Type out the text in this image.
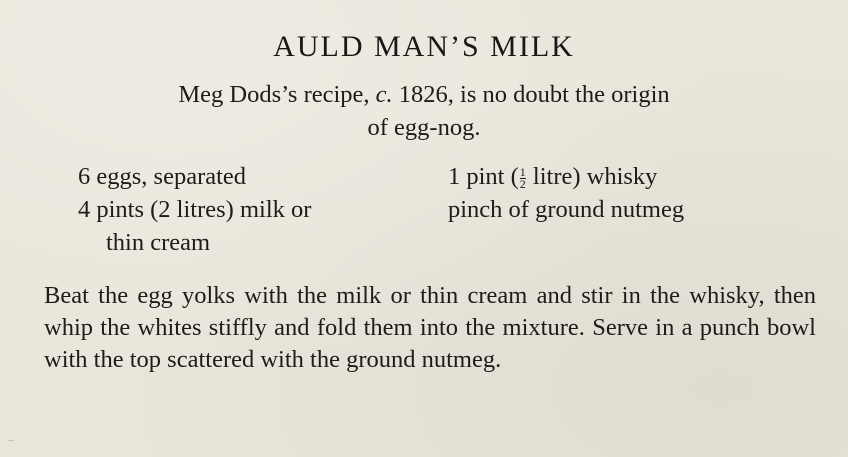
AULD MAN’S MILK
Meg Dods’s recipe, c. 1826, is no doubt the origin
of egg-nog.

6 eggs, separated

4 pints (2 litres) milk or
thin cream

1 pint ( $\frac{1}{2}$ litre) whisky

pinch of ground nutmeg

Beat the egg yolks with the milk or thin cream and stir in the whisky, then whip the whites stiffly and fold them into the mixture. Serve in a punch bowl with the top scattered with the ground nutmeg.
